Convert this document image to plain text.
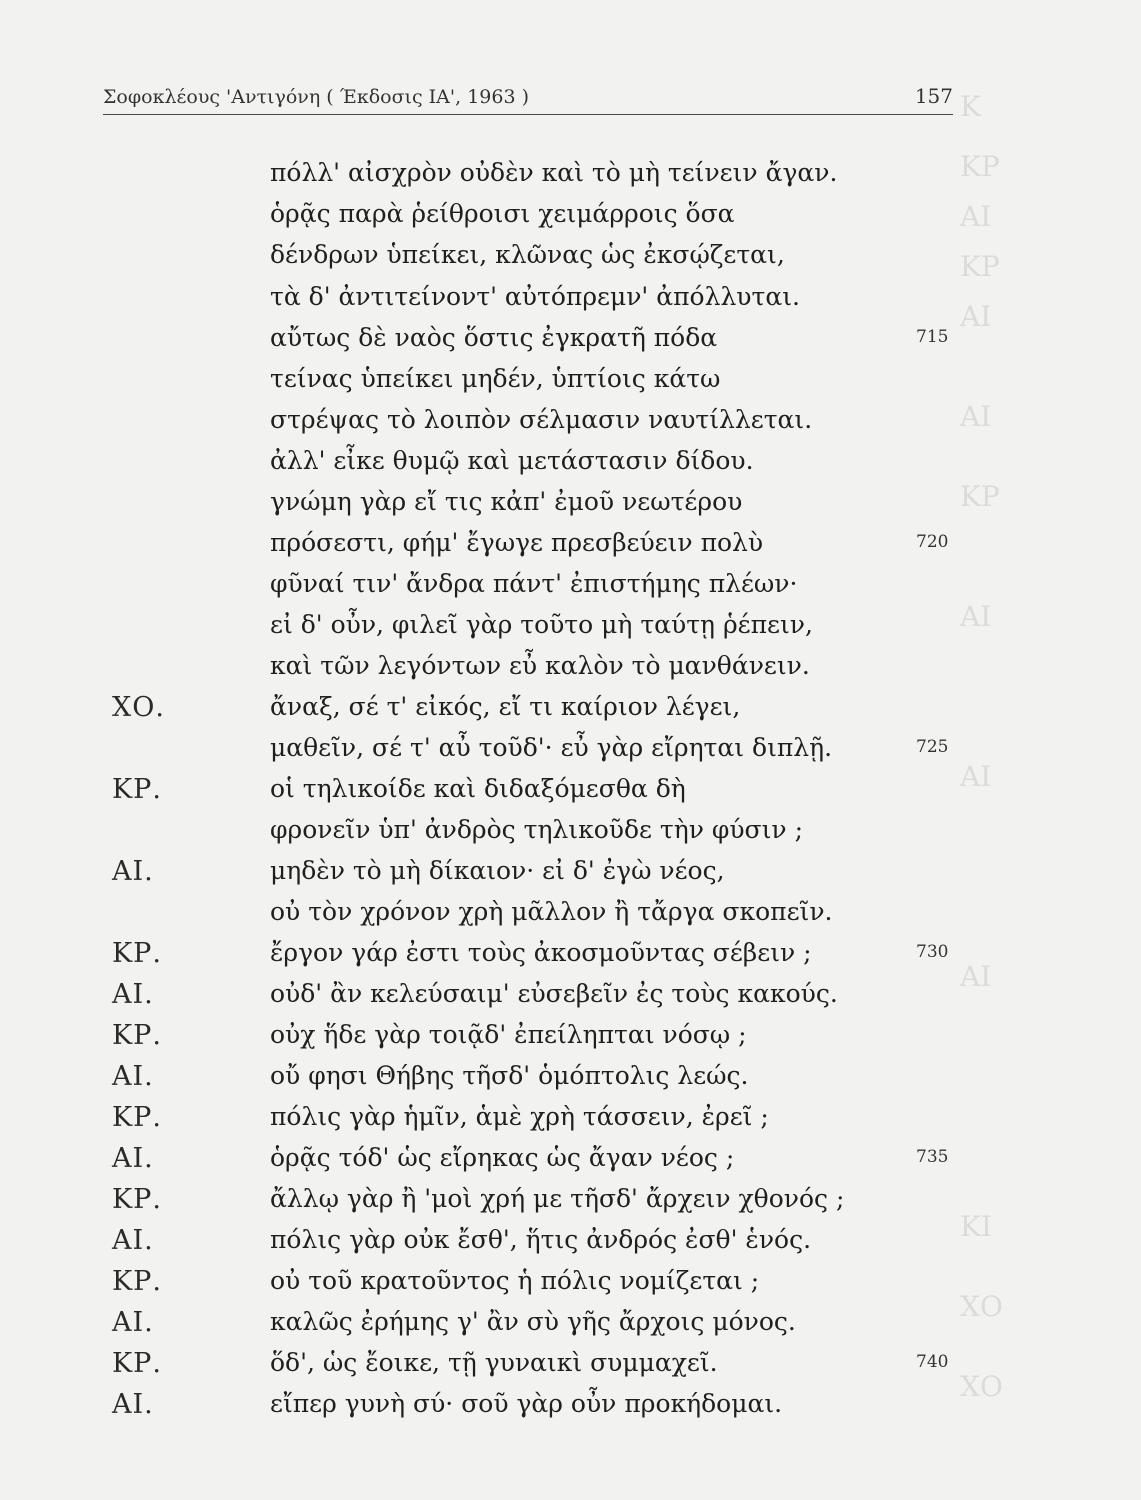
Κ
ΚΡ
ΑΙ
ΚΡ
ΑΙ
ΑΙ
ΚΡ
ΑΙ
ΑΙ
ΑΙ
ΚΙ
ΧΟ
ΧΟ
Σοφοκλέους 'Αντιγόνη ( Έκδοσις ΙΑ', 1963 )	157
πόλλ' αἰσχρὸν οὐδὲν καὶ τὸ μὴ τείνειν ἄγαν.
ὁρᾷς παρὰ ῥείθροισι χειμάρροις ὅσα
δένδρων ὑπείκει, κλῶνας ὡς ἐκσῴζεται,
τὰ δ' ἀντιτείνοντ' αὐτόπρεμν' ἀπόλλυται.
αὔτως δὲ ναὸς ὅστις ἐγκρατῆ πόδα	715
τείνας ὑπείκει μηδέν, ὑπτίοις κάτω
στρέψας τὸ λοιπὸν σέλμασιν ναυτίλλεται.
ἀλλ' εἶκε θυμῷ καὶ μετάστασιν δίδου.
γνώμη γὰρ εἴ τις κἀπ' ἐμοῦ νεωτέρου
πρόσεστι, φήμ' ἔγωγε πρεσβεύειν πολὺ	720
φῦναί τιν' ἄνδρα πάντ' ἐπιστήμης πλέων·
εἰ δ' οὖν, φιλεῖ γὰρ τοῦτο μὴ ταύτῃ ῥέπειν,
καὶ τῶν λεγόντων εὖ καλὸν τὸ μανθάνειν.
ΧΟ.	ἄναξ, σέ τ' εἰκός, εἴ τι καίριον λέγει,
μαθεῖν, σέ τ' αὖ τοῦδ'· εὖ γὰρ εἴρηται διπλῇ.	725
ΚΡ.	οἱ τηλικοίδε καὶ διδαξόμεσθα δὴ
φρονεῖν ὑπ' ἀνδρὸς τηλικοῦδε τὴν φύσιν ;
ΑΙ.	μηδὲν τὸ μὴ δίκαιον· εἰ δ' ἐγὼ νέος,
οὐ τὸν χρόνον χρὴ μᾶλλον ἢ τἄργα σκοπεῖν.
ΚΡ.	ἔργον γάρ ἐστι τοὺς ἀκοσμοῦντας σέβειν ;	730
ΑΙ.	οὐδ' ἂν κελεύσαιμ' εὐσεβεῖν ἐς τοὺς κακούς.
ΚΡ.	οὐχ ἥδε γὰρ τοιᾷδ' ἐπείληπται νόσῳ ;
ΑΙ.	οὔ φησι Θήβης τῆσδ' ὁμόπτολις λεώς.
ΚΡ.	πόλις γὰρ ἡμῖν, ἁμὲ χρὴ τάσσειν, ἐρεῖ ;
ΑΙ.	ὁρᾷς τόδ' ὡς εἴρηκας ὡς ἄγαν νέος ;	735
ΚΡ.	ἄλλῳ γὰρ ἢ 'μοὶ χρή με τῆσδ' ἄρχειν χθονός ;
ΑΙ.	πόλις γὰρ οὐκ ἔσθ', ἥτις ἀνδρός ἐσθ' ἑνός.
ΚΡ.	οὐ τοῦ κρατοῦντος ἡ πόλις νομίζεται ;
ΑΙ.	καλῶς ἐρήμης γ' ἂν σὺ γῆς ἄρχοις μόνος.
ΚΡ.	ὅδ', ὡς ἔοικε, τῇ γυναικὶ συμμαχεῖ.	740
ΑΙ.	εἴπερ γυνὴ σύ· σοῦ γὰρ οὖν προκήδομαι.
